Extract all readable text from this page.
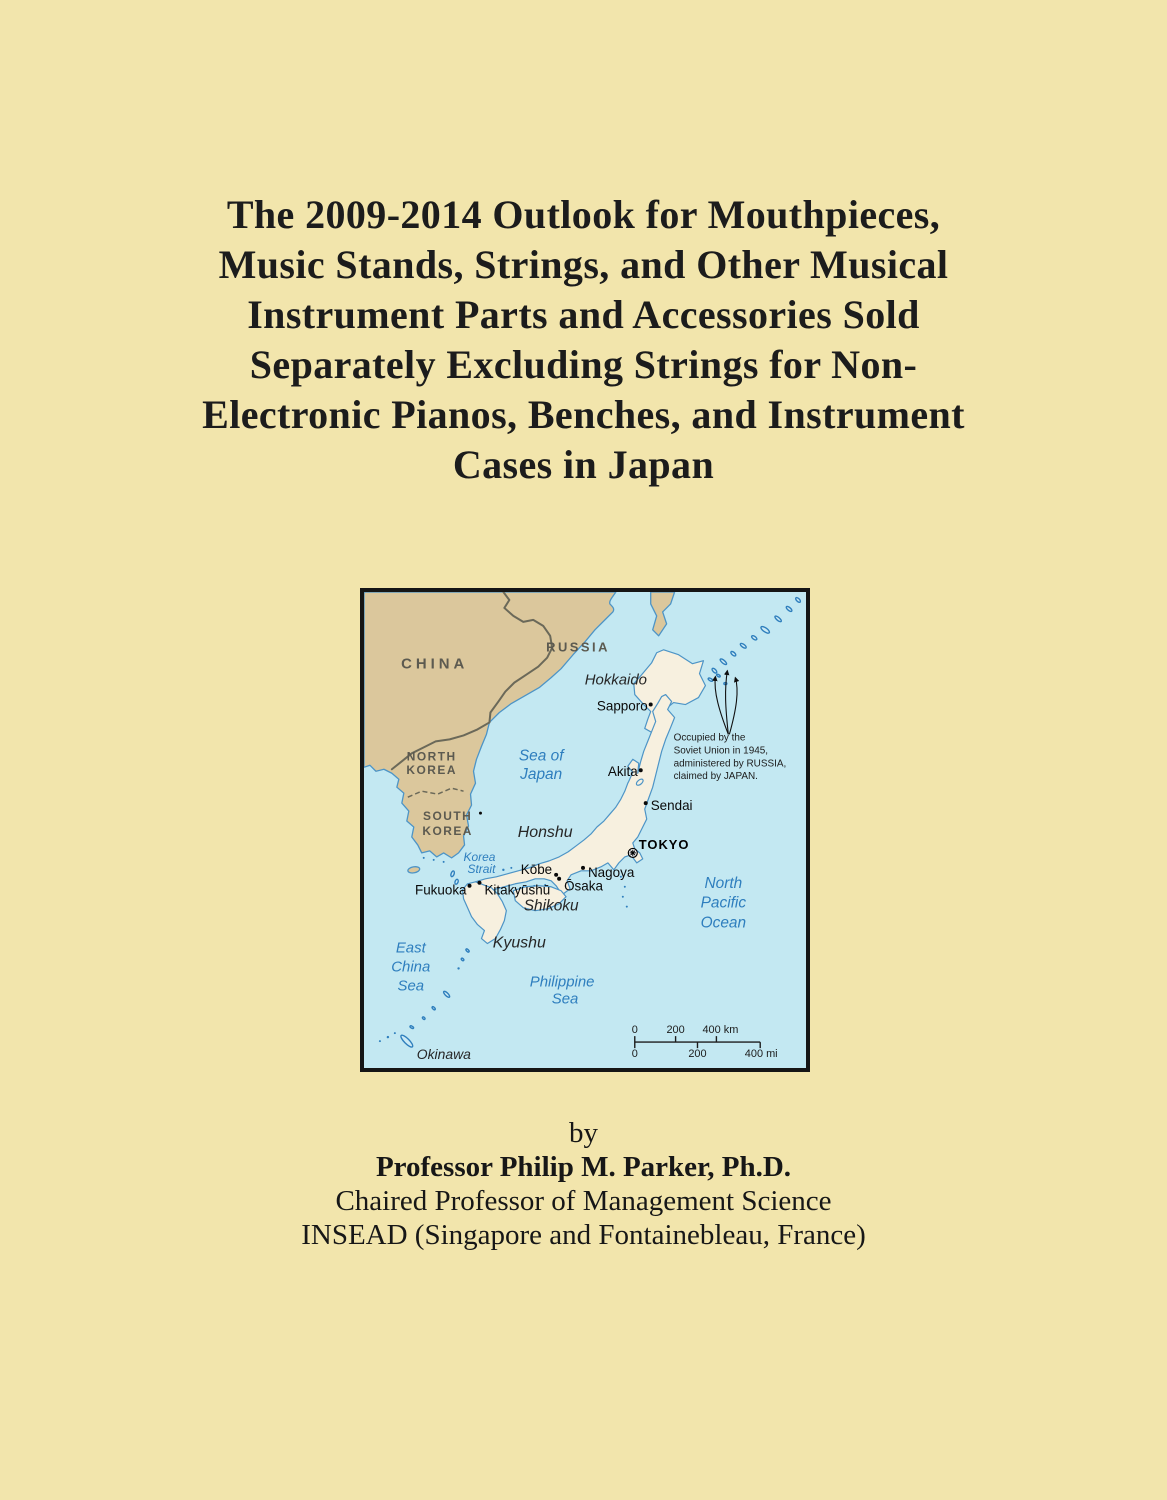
The 2009-2014 Outlook for Mouthpieces,
Music Stands, Strings, and Other Musical
Instrument Parts and Accessories Sold
Separately Excluding Strings for Non-
Electronic Pianos, Benches, and Instrument
Cases in Japan
CHINA
RUSSIA
NORTH
KOREA
SOUTH
KOREA
Hokkaido
Honshu
Shikoku
Kyushu
Okinawa
Sea of
Japan
Korea
Strait
East
China
Sea	Philippine
Sea
North
Pacific
Ocean
Sapporo
Akita
Sendai
TOKYO
Kōbe	Nagoya
Ōsaka
Fukuoka Kitakyūshū
Occupied by the
Soviet Union in 1945,
administered by RUSSIA,
claimed by JAPAN.
0	200 400 km
0	200	400 mi
by
Professor Philip M. Parker, Ph.D.
Chaired Professor of Management Science
INSEAD (Singapore and Fontainebleau, France)
